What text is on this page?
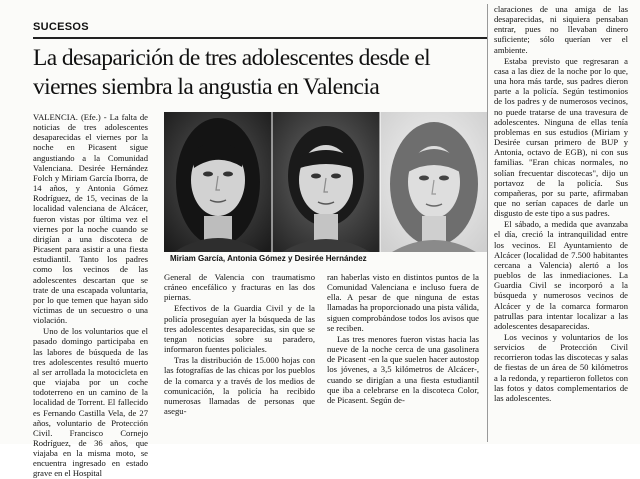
SUCESOS
La desaparición de tres adolescentes desde el viernes siembra la angustia en Valencia

VALENCIA. (Efe.) - La falta de noticias de tres adolescentes desaparecidas el viernes por la noche en Picasent sigue angustiando a la Comunidad Valenciana. Desirée Hernández Folch y Miriam García Iborra, de 14 años, y Antonia Gómez Rodríguez, de 15, vecinas de la localidad valenciana de Alcácer, fueron vistas por última vez el viernes por la noche cuando se dirigían a una discoteca de Picasent para asistir a una fiesta estudiantil. Tanto los padres como los vecinos de las adolescentes descartan que se trate de una escapada voluntaria, por lo que temen que hayan sido víctimas de un secuestro o una violación.

Uno de los voluntarios que el pasado domingo participaba en las labores de búsqueda de las tres adolescentes resultó muerto al ser arrollada la motocicleta en que viajaba por un coche todoterreno en un camino de la localidad de Torrent. El fallecido es Fernando Castilla Vela, de 27 años, voluntario de Protección Civil. Francisco Cornejo Rodríguez, de 36 años, que viajaba en la misma moto, se encuentra ingresado en estado grave en el Hospital

Miriam García, Antonia Gómez y Desirée Hernández

General de Valencia con traumatismo cráneo encefálico y fracturas en las dos piernas.

Efectivos de la Guardia Civil y de la policía proseguían ayer la búsqueda de las tres adolescentes desaparecidas, sin que se tengan noticias sobre su paradero, informaron fuentes policiales.

Tras la distribución de 15.000 hojas con las fotografías de las chicas por los pueblos de la comarca y a través de los medios de comunicación, la policía ha recibido numerosas llamadas de personas que asegu-

ran haberlas visto en distintos puntos de la Comunidad Valenciana e incluso fuera de ella. A pesar de que ninguna de estas llamadas ha proporcionado una pista válida, siguen comprobándose todos los avisos que se reciben.

Las tres menores fueron vistas hacia las nueve de la noche cerca de una gasolinera de Picasent -en la que suelen hacer autostop los jóvenes, a 3,5 kilómetros de Alcácer-, cuando se dirigían a una fiesta estudiantil que iba a celebrarse en la discoteca Color, de Picasent. Según de-

claraciones de una amiga de las desaparecidas, ni siquiera pensaban entrar, pues no llevaban dinero suficiente; sólo querían ver el ambiente.

Estaba previsto que regresaran a casa a las diez de la noche por lo que, una hora más tarde, sus padres dieron parte a la policía. Según testimonios de los padres y de numerosos vecinos, no puede tratarse de una travesura de adolescentes. Ninguna de ellas tenía problemas en sus estudios (Miriam y Desirée cursan primero de BUP y Antonia, octavo de EGB), ni con sus familias. "Eran chicas normales, no solían frecuentar discotecas", dijo un portavoz de la policía. Sus compañeras, por su parte, afirmaban que no serían capaces de darle un disgusto de este tipo a sus padres.

El sábado, a medida que avanzaba el día, creció la intranquilidad entre los vecinos. El Ayuntamiento de Alcácer (localidad de 7.500 habitantes cercana a Valencia) alertó a los pueblos de las inmediaciones. La Guardia Civil se incorporó a la búsqueda y numerosos vecinos de Alcácer y de la comarca formaron patrullas para intentar localizar a las adolescentes desaparecidas.

Los vecinos y voluntarios de los servicios de Protección Civil recorrieron todas las discotecas y salas de fiestas de un área de 50 kilómetros a la redonda, y repartieron folletos con las fotos y datos complementarios de las adolescentes.
